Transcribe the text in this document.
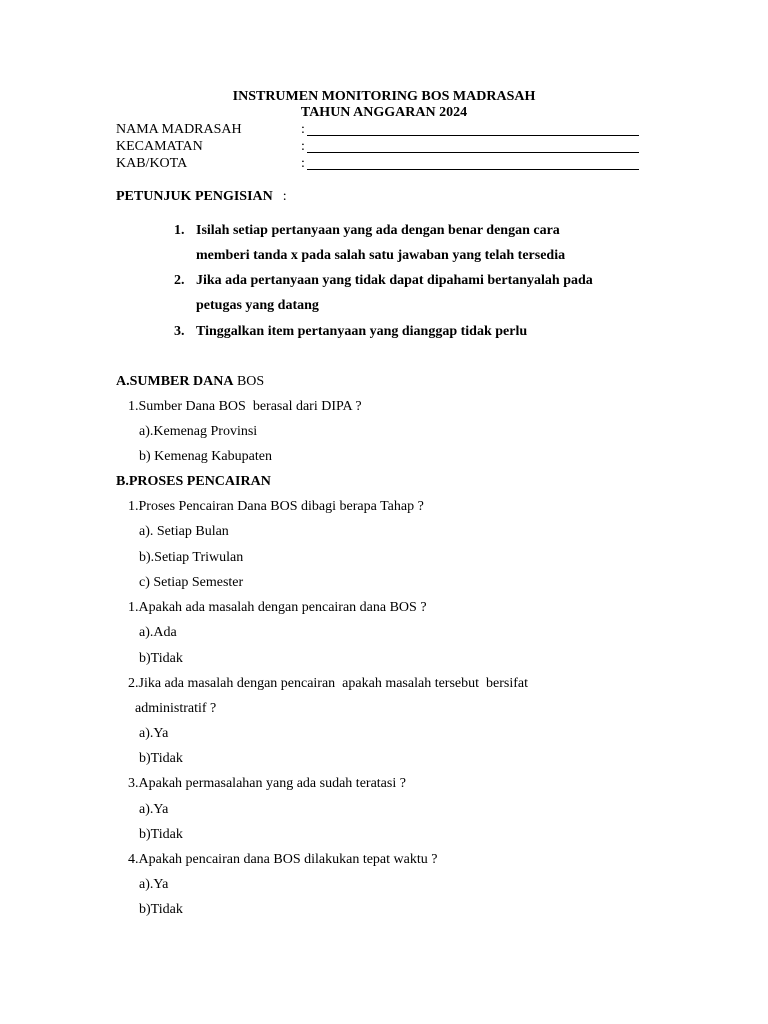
INSTRUMEN MONITORING BOS MADRASAH
TAHUN ANGGARAN 2024
NAMA MADRASAH	:
KECAMATAN	:
KAB/KOTA	:
PETUNJUK PENGISIAN :
1. Isilah setiap pertanyaan yang ada dengan benar dengan cara
memberi tanda x pada salah satu jawaban yang telah tersedia
2. Jika ada pertanyaan yang tidak dapat dipahami bertanyalah pada
petugas yang datang
3. Tinggalkan item pertanyaan yang dianggap tidak perlu
A.SUMBER DANA BOS
1.Sumber Dana BOS  berasal dari DIPA ?
a).Kemenag Provinsi
b) Kemenag Kabupaten
B.PROSES PENCAIRAN
1.Proses Pencairan Dana BOS dibagi berapa Tahap ?
a). Setiap Bulan
b).Setiap Triwulan
c) Setiap Semester
1.Apakah ada masalah dengan pencairan dana BOS ?
a).Ada
b)Tidak
2.Jika ada masalah dengan pencairan  apakah masalah tersebut  bersifat
administratif ?
a).Ya
b)Tidak
3.Apakah permasalahan yang ada sudah teratasi ?
a).Ya
b)Tidak
4.Apakah pencairan dana BOS dilakukan tepat waktu ?
a).Ya
b)Tidak
